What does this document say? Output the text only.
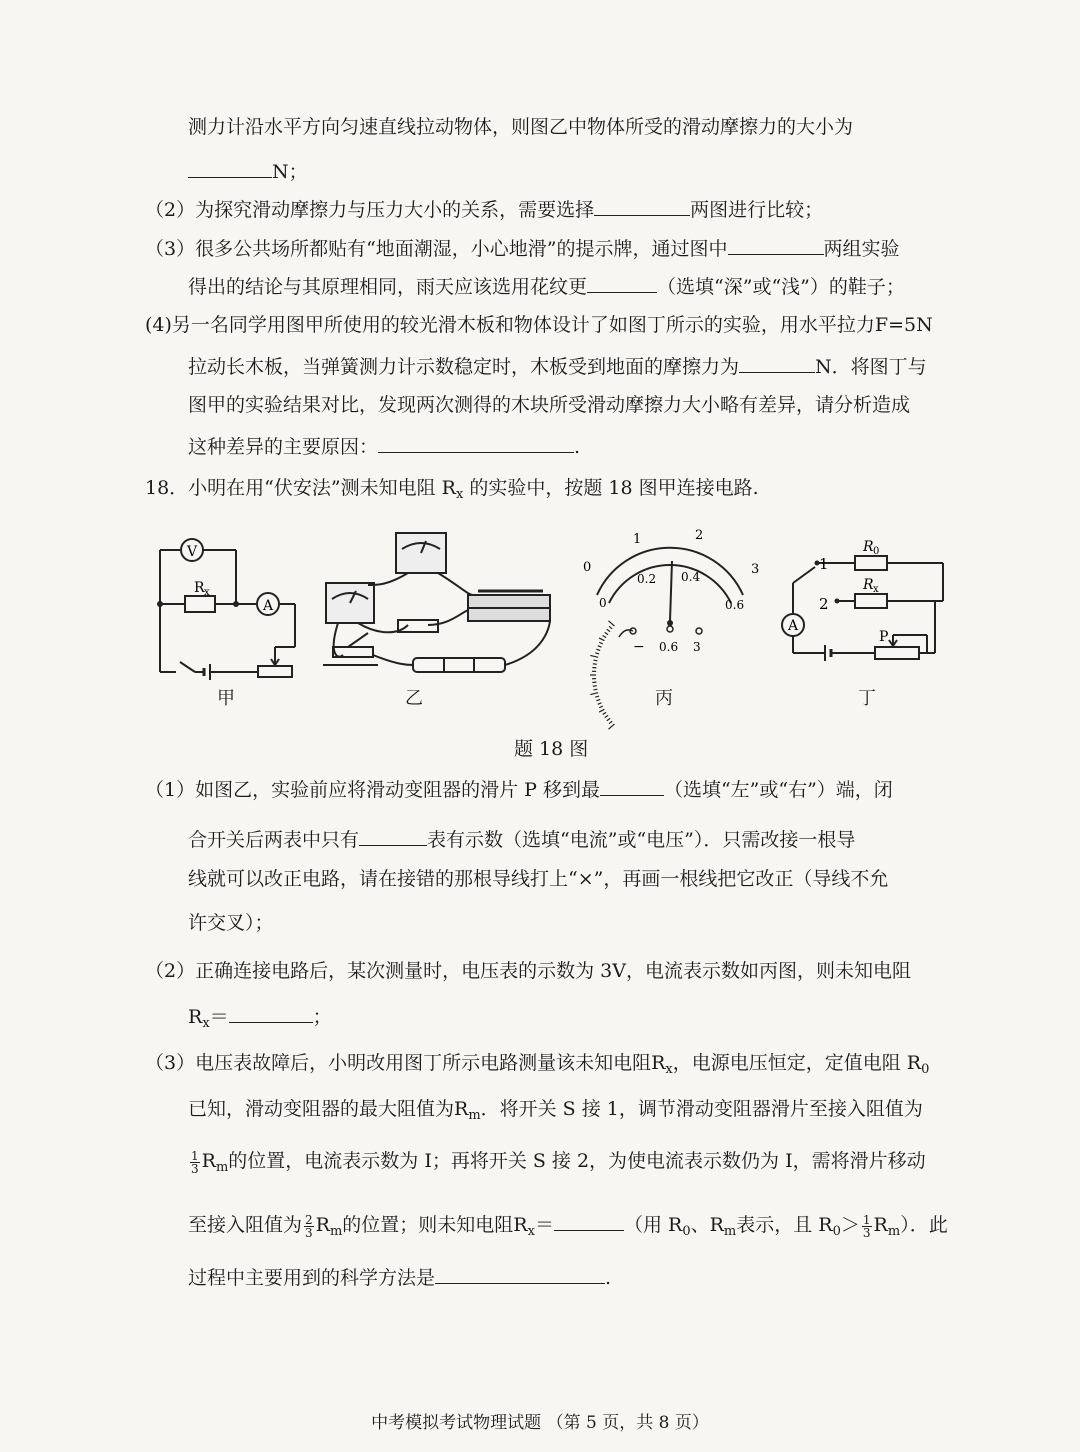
测力计沿水平方向匀速直线拉动物体，则图乙中物体所受的滑动摩擦力的大小为
N；
（2）为探究滑动摩擦力与压力大小的关系，需要选择	两图进行比较；
（3）很多公共场所都贴有“地面潮湿，小心地滑”的提示牌，通过图中	两组实验
得出的结论与其原理相同，雨天应该选用花纹更	（选填“深”或“浅”）的鞋子；
(4)另一名同学用图甲所使用的较光滑木板和物体设计了如图丁所示的实验，用水平拉力F=5N
拉动长木板，当弹簧测力计示数稳定时，木板受到地面的摩擦力为	N．将图丁与
图甲的实验结果对比，发现两次测得的木块所受滑动摩擦力大小略有差异，请分析造成
这种差异的主要原因：	.
18．小明在用“伏安法”测未知电阻 $R_x$ 的实验中，按题 18 图甲连接电路.
V
A
R x
甲	乙
0
1	2
3
0
0.2 0.4
0.6
− 0.6 3
丙
R 0
R x
1
2
A
P
丁
题 18 图
（1）如图乙，实验前应将滑动变阻器的滑片 P 移到最	（选填“左”或“右”）端，闭
合开关后两表中只有	表有示数（选填“电流”或“电压”）．只需改接一根导
线就可以改正电路，请在接错的那根导线打上“×”，再画一根线把它改正（导线不允
许交叉）；
（2）正确连接电路后，某次测量时，电压表的示数为 3V，电流表示数如丙图，则未知电阻
$R_x=$	；
（3）电压表故障后，小明改用图丁所示电路测量该未知电阻$R_x$，电源电压恒定，定值电阻 $R_0$
已知，滑动变阻器的最大阻值为$R_m$．将开关 S 接 1，调节滑动变阻器滑片至接入阻值为
$\frac{1}{3} R_m$的位置，电流表示数为 I；再将开关 S 接 2，为使电流表示数仍为 I，需将滑片移动
至接入阻值为 $\frac{2}{3} R_m$的位置；则未知电阻$R_x=$	（用 $R_0$、$R_m$表示，且 $R_0> \frac{1}{3} R_m$）．此
过程中主要用到的科学方法是	.
中考模拟考试物理试题 （第 5 页，共 8 页）
